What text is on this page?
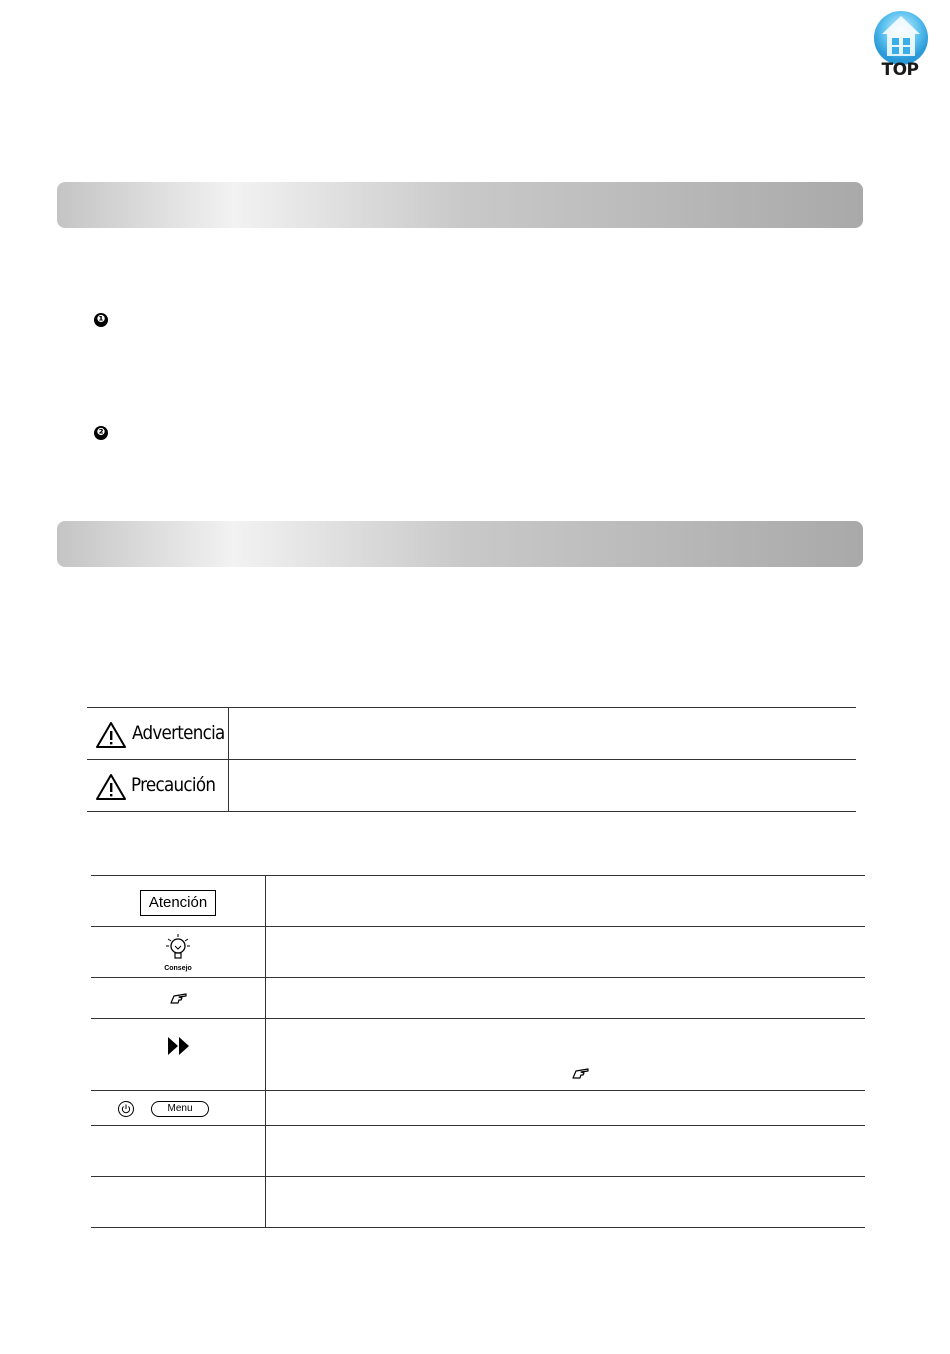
TOP
❶
❷
Advertencia
Precaución
Atención
Consejo
Menu
